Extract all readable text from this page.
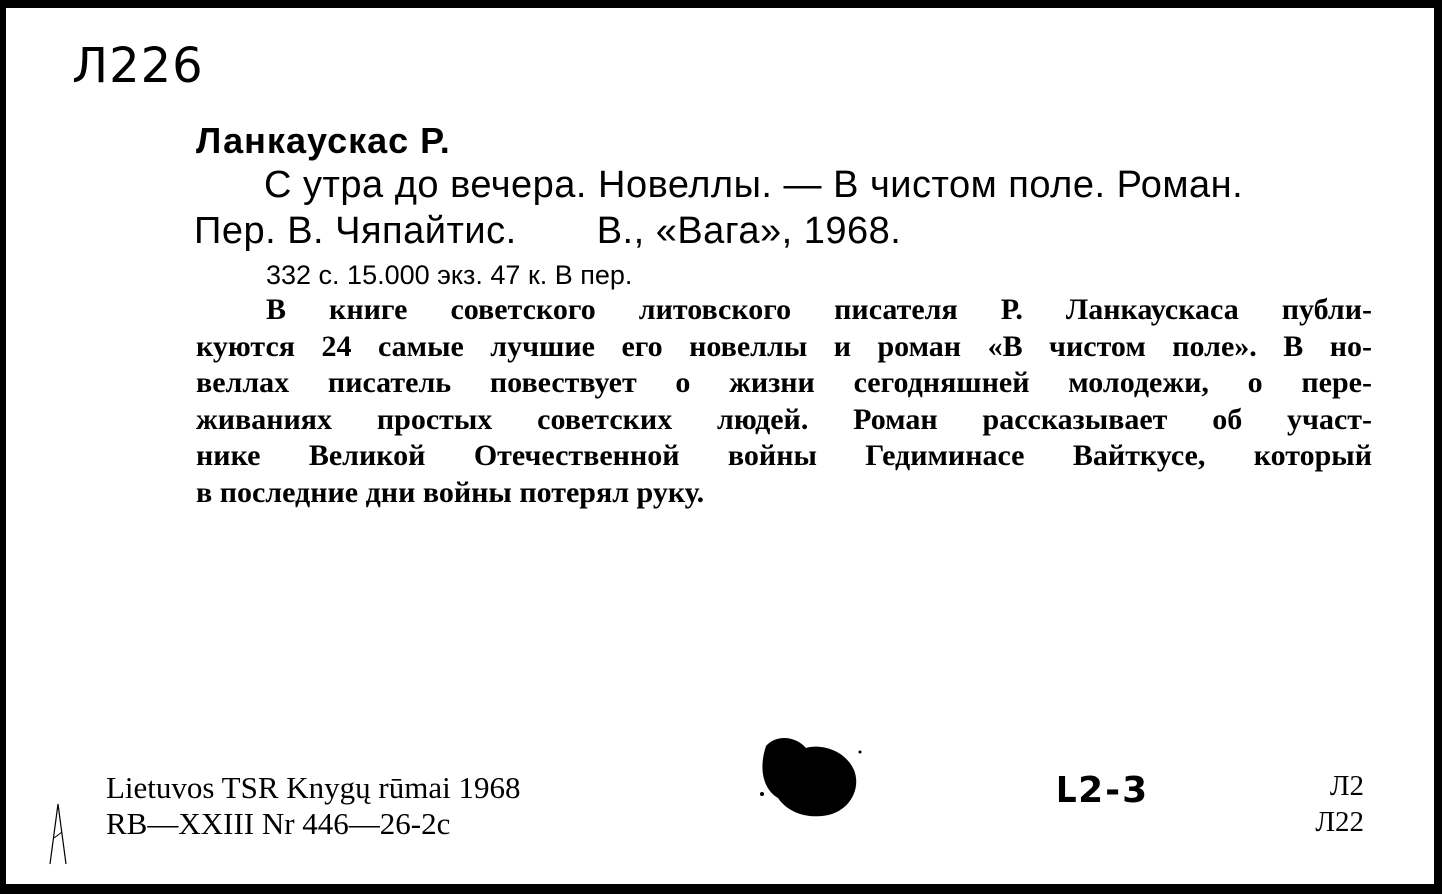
Л226
Ланкаускас Р.
С утра до вечера. Новеллы. — В чистом поле. Роман.
Пер. В. Чяпайтис. В., «Вага», 1968.
332 с. 15.000 экз. 47 к. В пер.
В книге советского литовского писателя Р. Ланкаускаса публи-
куются 24 самые лучшие его новеллы и роман «В чистом поле». В но-
веллах писатель повествует о жизни сегодняшней молодежи, о пере-
живаниях простых советских людей. Роман рассказывает об участ-
нике Великой Отечественной войны Гедиминасе Вайткусе, который
в последние дни войны потерял руку.
Lietuvos TSR Knygų rūmai 1968
RB—XXIII Nr 446—26-2c
Լ2-3	Л2
Л22
